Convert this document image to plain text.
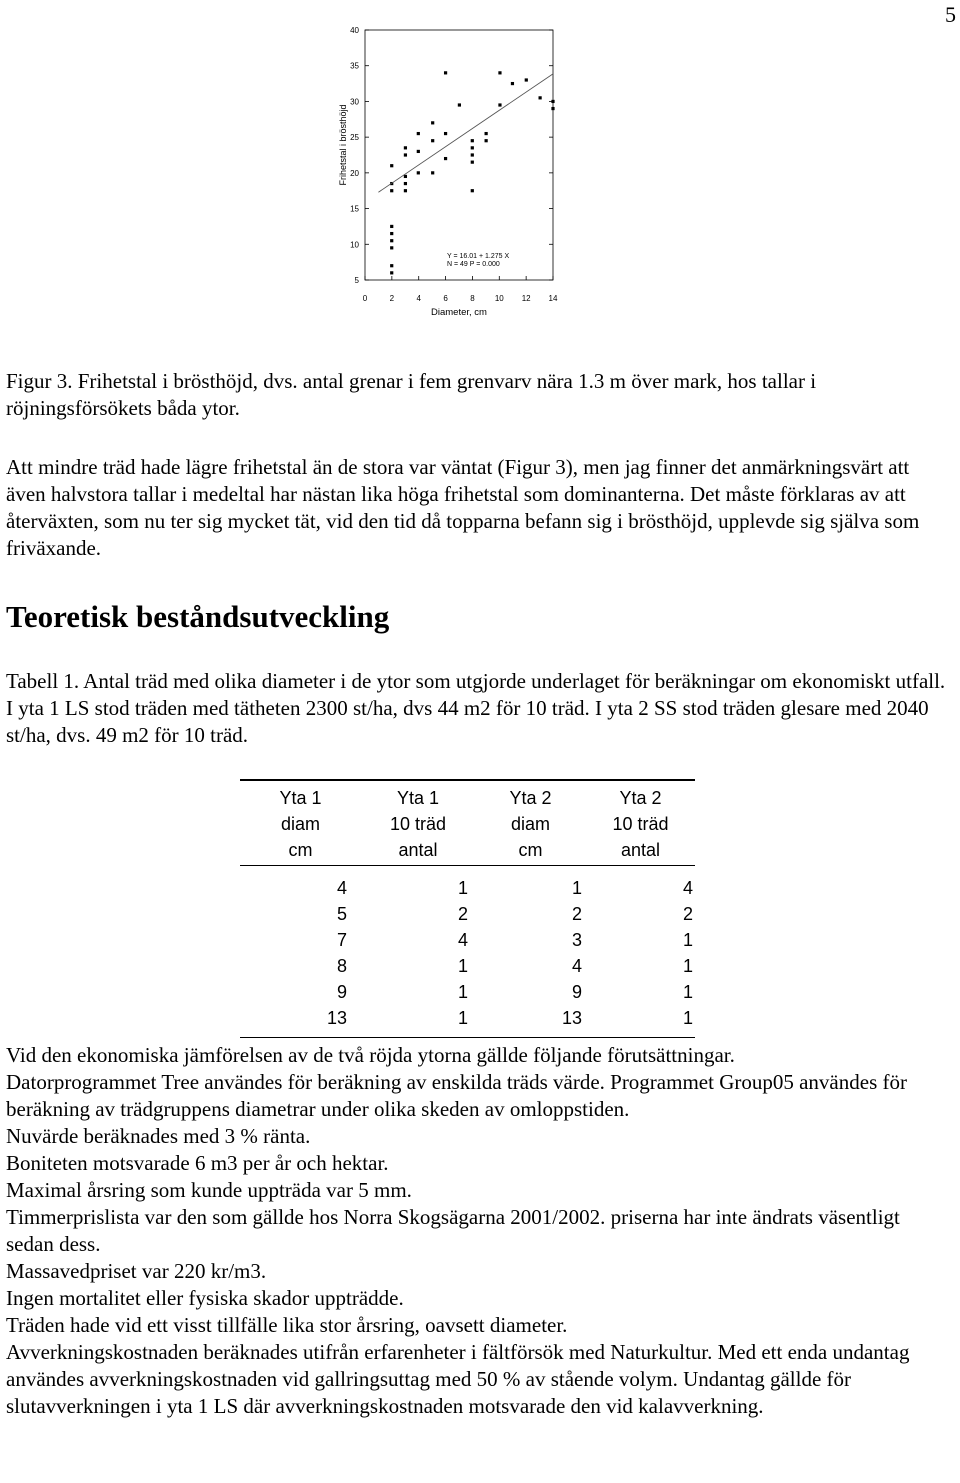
5
5
10
15
20
25
30
35
40
0	2	4	6	8	10 12 14
Diameter, cm
Frihetstal i brösthöjd
Y = 16.01 + 1.275 X
N = 49 P = 0.000

Figur 3. Frihetstal i brösthöjd, dvs. antal grenar i fem grenvarv nära 1.3 m över mark, hos tallar i röjningsförsökets båda ytor.

Att mindre träd hade lägre frihetstal än de stora var väntat (Figur 3), men jag finner det anmärkningsvärt att även halvstora tallar i medeltal har nästan lika höga frihetstal som dominanterna. Det måste förklaras av att återväxten, som nu ter sig mycket tät, vid den tid då topparna befann sig i brösthöjd, upplevde sig själva som friväxande.

Teoretisk beståndsutveckling

Tabell 1. Antal träd med olika diameter i de ytor som utgjorde underlaget för beräkningar om ekonomiskt utfall. I yta 1 LS stod träden med tätheten 2300 st/ha, dvs 44 m2 för 10 träd. I yta 2 SS stod träden glesare med 2040 st/ha, dvs. 49 m2 för 10 träd.

Yta 1	Yta 1	Yta 2	Yta 2
diam	10 träd	diam	10 träd
cm	antal	cm	antal
4	1	1	4
5	2	2	2
7	4	3	1
8	1	4	1
9	1	9	1
13	1	13	1
Vid den ekonomiska jämförelsen av de två röjda ytorna gällde följande förutsättningar.
Datorprogrammet Tree användes för beräkning av enskilda träds värde. Programmet Group05 användes för beräkning av trädgruppens diametrar under olika skeden av omloppstiden.
Nuvärde beräknades med 3 % ränta.
Boniteten motsvarade 6 m3 per år och hektar.
Maximal årsring som kunde uppträda var 5 mm.
Timmerprislista var den som gällde hos Norra Skogsägarna 2001/2002. priserna har inte ändrats väsentligt sedan dess.
Massavedpriset var 220 kr/m3.
Ingen mortalitet eller fysiska skador uppträdde.
Träden hade vid ett visst tillfälle lika stor årsring, oavsett diameter.
Avverkningskostnaden beräknades utifrån erfarenheter i fältförsök med Naturkultur. Med ett enda undantag användes avverkningskostnaden vid gallringsuttag med 50 % av stående volym. Undantag gällde för slutavverkningen i yta 1 LS där avverkningskostnaden motsvarade den vid kalavverkning.
